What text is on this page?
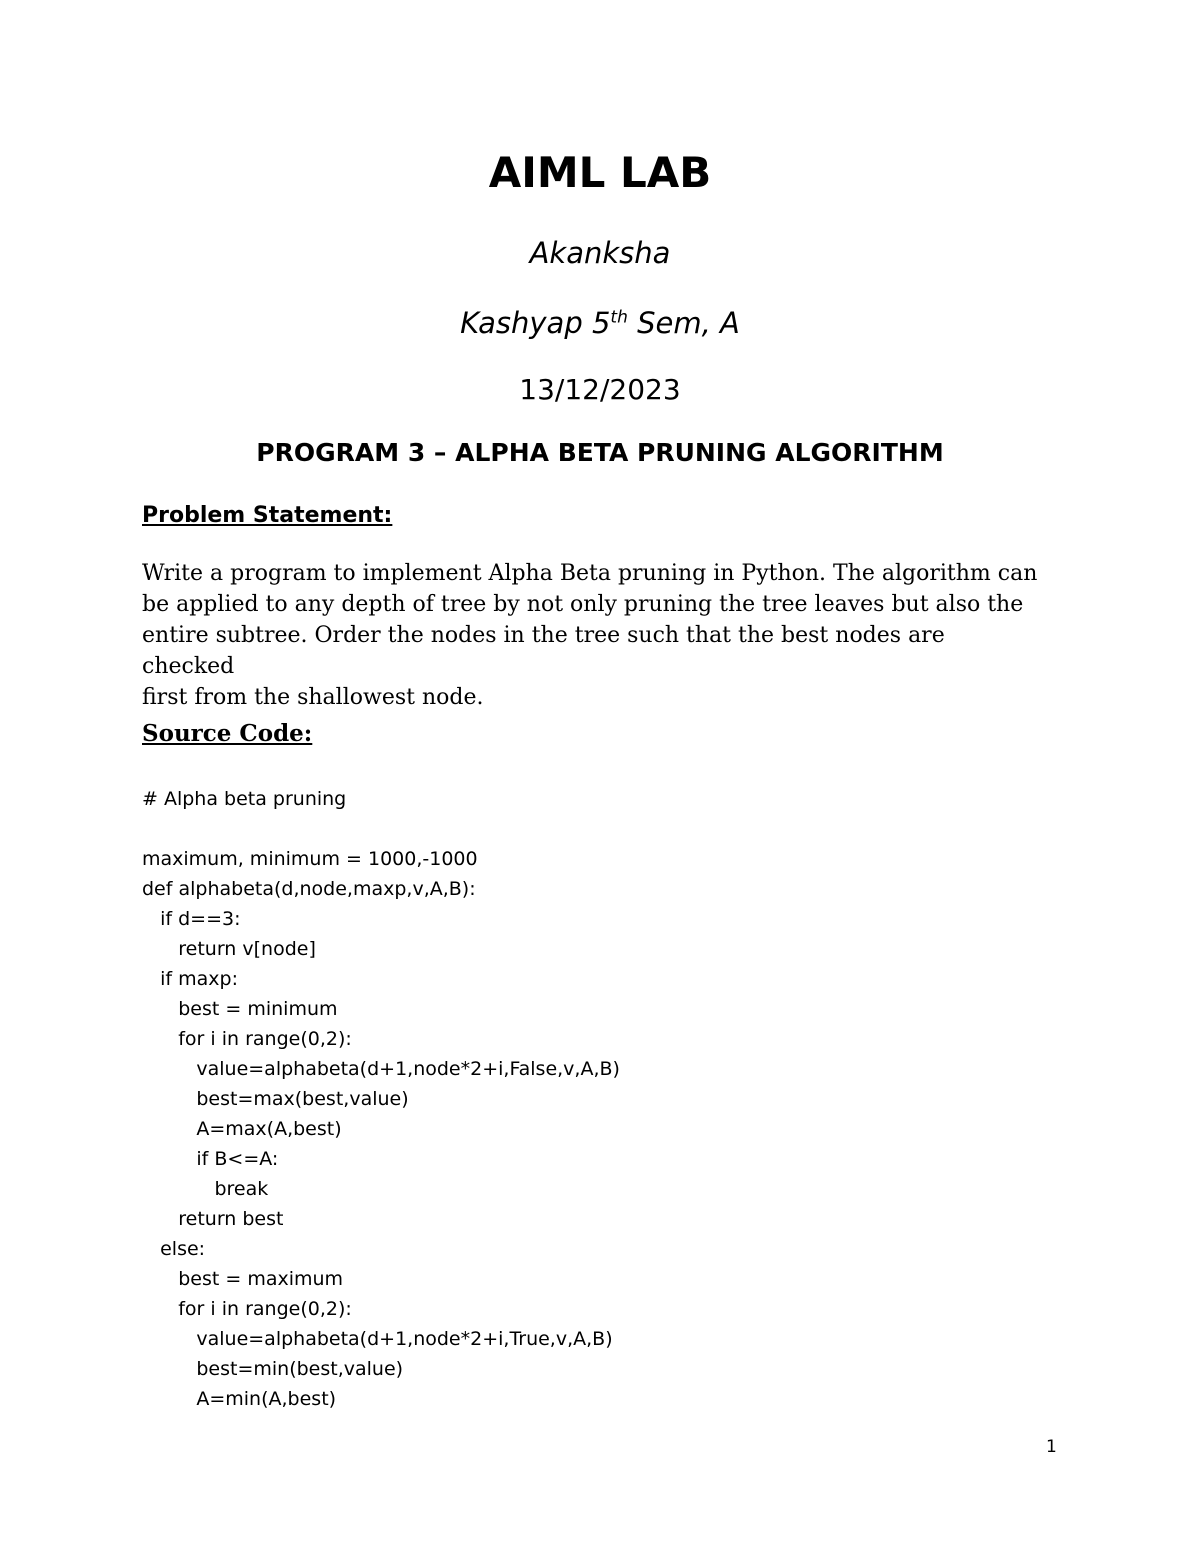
AIML LAB
Akanksha
Kashyap 5th Sem, A
13/12/2023
PROGRAM 3 – ALPHA BETA PRUNING ALGORITHM
Problem Statement:
Write a program to implement Alpha Beta pruning in Python. The algorithm can
be applied to any depth of tree by not only pruning the tree leaves but also the
entire subtree. Order the nodes in the tree such that the best nodes are checked
first from the shallowest node.
Source Code:
# Alpha beta pruning
maximum, minimum = 1000,-1000
def alphabeta(d,node,maxp,v,A,B):
if d==3:
return v[node]
if maxp:
best = minimum
for i in range(0,2):
value=alphabeta(d+1,node*2+i,False,v,A,B)
best=max(best,value)
A=max(A,best)
if B<=A:
break
return best
else:
best = maximum
for i in range(0,2):
value=alphabeta(d+1,node*2+i,True,v,A,B)
best=min(best,value)
A=min(A,best)
1
